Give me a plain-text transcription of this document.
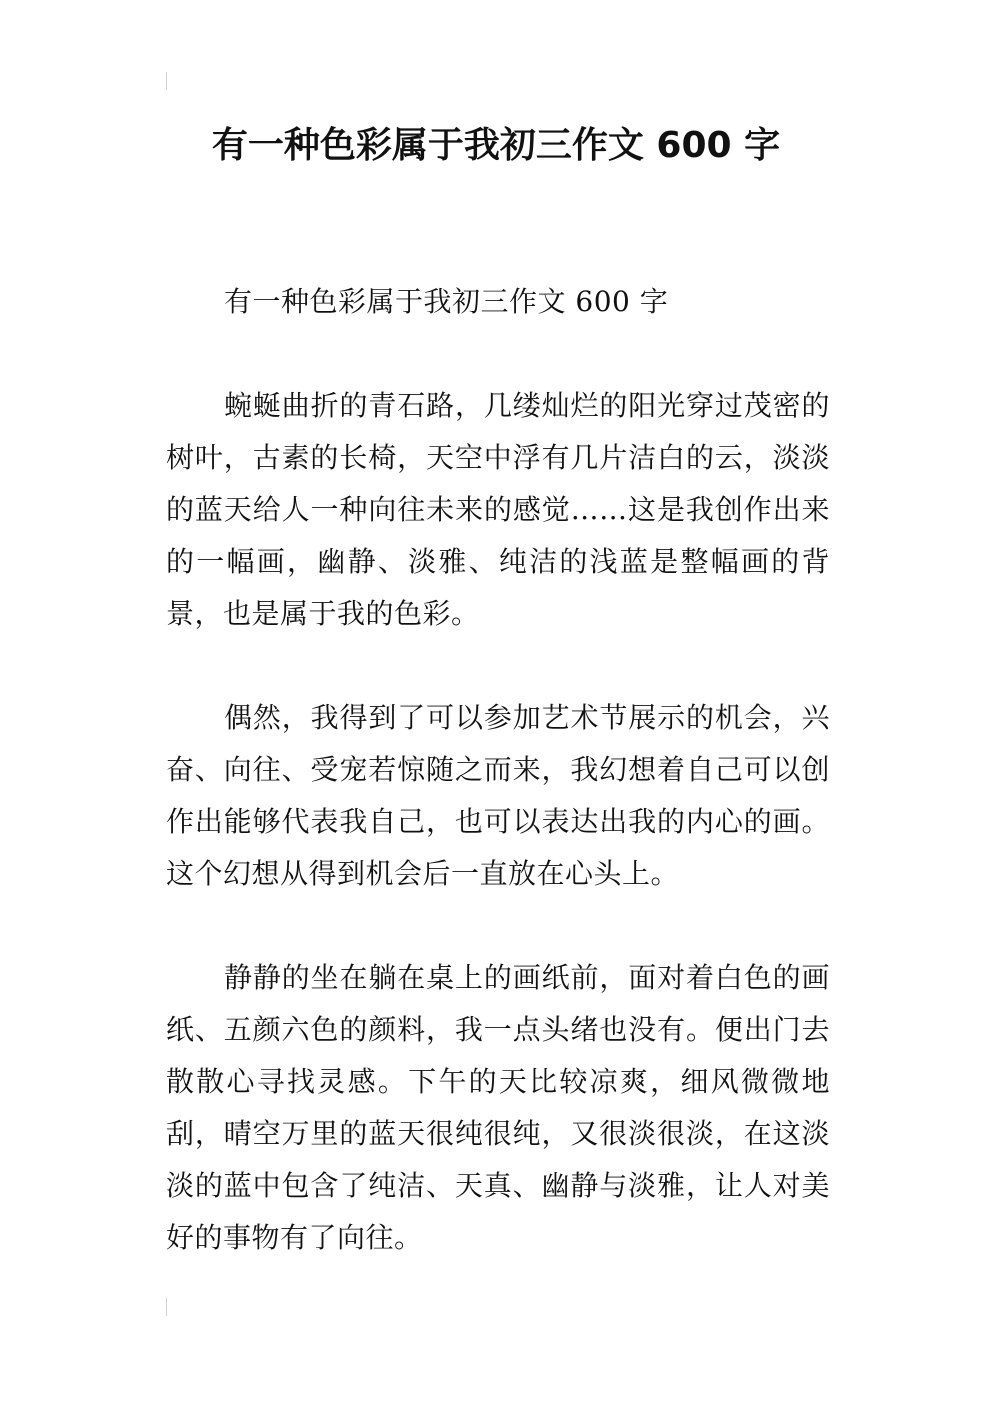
有一种色彩属于我初三作文 600 字

有一种色彩属于我初三作文 600 字

蜿蜒曲折的青石路，几缕灿烂的阳光穿过茂密的树叶，古素的长椅，天空中浮有几片洁白的云，淡淡的蓝天给人一种向往未来的感觉……这是我创作出来的一幅画，幽静、淡雅、纯洁的浅蓝是整幅画的背景，也是属于我的色彩。

偶然，我得到了可以参加艺术节展示的机会，兴奋、向往、受宠若惊随之而来，我幻想着自己可以创作出能够代表我自己，也可以表达出我的内心的画。这个幻想从得到机会后一直放在心头上。

静静的坐在躺在桌上的画纸前，面对着白色的画纸、五颜六色的颜料，我一点头绪也没有。便出门去散散心寻找灵感。下午的天比较凉爽，细风微微地刮，晴空万里的蓝天很纯很纯，又很淡很淡，在这淡淡的蓝中包含了纯洁、天真、幽静与淡雅，让人对美好的事物有了向往。
